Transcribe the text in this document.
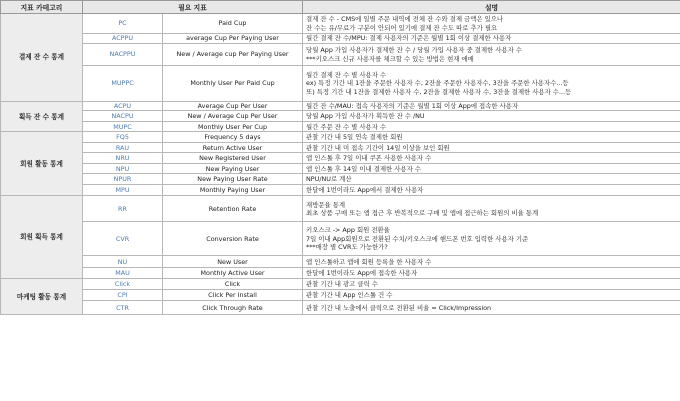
지표 카테고리	필요 지표		설명
결제 잔 수 통계	PC	Paid Cup	결제 잔 수 - CMS에 일별 주문 내역에 전체 잔 수와 결제 금액은 있으나
잔 수는 유/무료가 구분이 안되어 있기에 결제 잔 수도 따로 추가 필요

	ACPPU	average Cup Per Paying User	월간 결제 잔 수/MPU: 결제 사용자의 기준은 월별 1회 이상 결제한 사용자

	NACPPU	New / Average cup Per Paying User	당월 App 가입 사용자가 결제한 잔 수 / 당월 가입 사용자 중 결제한 사용자 수
***키오스크 신규 사용자를 체크할 수 있는 방법은 현재 애매

	MUPPC	Monthly User Per Paid Cup	월간 결제 잔 수 별 사용자 수
ex) 특정 기간 내 1잔을 주문한 사용자 수, 2잔을 주문한 사용자수, 3잔을 주문한 사용자수...등
또) 특정 기간 내 1잔을 결제한 사용자 수, 2잔을 결제한 사용자 수, 3잔을 결제한 사용자 수...등

획득 잔 수 통계	ACPU	Average Cup Per User	월간 잔 수/MAU: 접속 사용자의 기준은 월별 1회 이상 App에 접속한 사용자

	NACPU	New / Average Cup Per User	당월 App 가입 사용자가 획득한 잔 수 /NU

	MUPC	Monthly User Per Cup	월간 주문 잔 수 별 사용자 수

회원 활동 통계	FQ5	Frequency 5 days	관찰 기간 내 5일 연속 결제한 회원

	RAU	Return Active User	관찰 기간 내 미 접속 기간이 14일 이상을 보인 회원

	NRU	New Registered User	앱 인스톨 후 7일 이내 쿠폰 사용한 사용자 수

	NPU	New Paying User	앱 인스톨 후 14일 이내 결제한 사용자 수

	NPUR	New Paying User Rate	NPU/NU로 계산

	MPU	Monthly Paying User	한달에 1번이라도 App에서 결제한 사용자

회원 획득 통계	RR	Retention Rate	재방문율 통계
최초 상품 구매 또는 앱 접근 후 반복적으로 구매 및 앱에 접근하는 회원의 비율 통계

	CVR	Conversion Rate	키오스크 -> App 회원 전환율
7일 이내 App회원으로 전환된 수치/키오스크에 핸드폰 번호 입력한 사용자 기준
***매장 별 CVR도 가능한가?

	NU	New User	앱 인스톨하고 앱에 회원 등록을 한 사용자 수

	MAU	Monthly Active User	한달에 1번이라도 App에 접속한 사용자

마케팅 활동 통계	Click	Click	관찰 기간 내 광고 클릭 수

	CPI	Click Per Install	관찰 기간 내 App 인스톨 건 수

	CTR	Click Through Rate	관찰 기간 내 노출에서 클릭으로 전환된 비율 = Click/Impression
